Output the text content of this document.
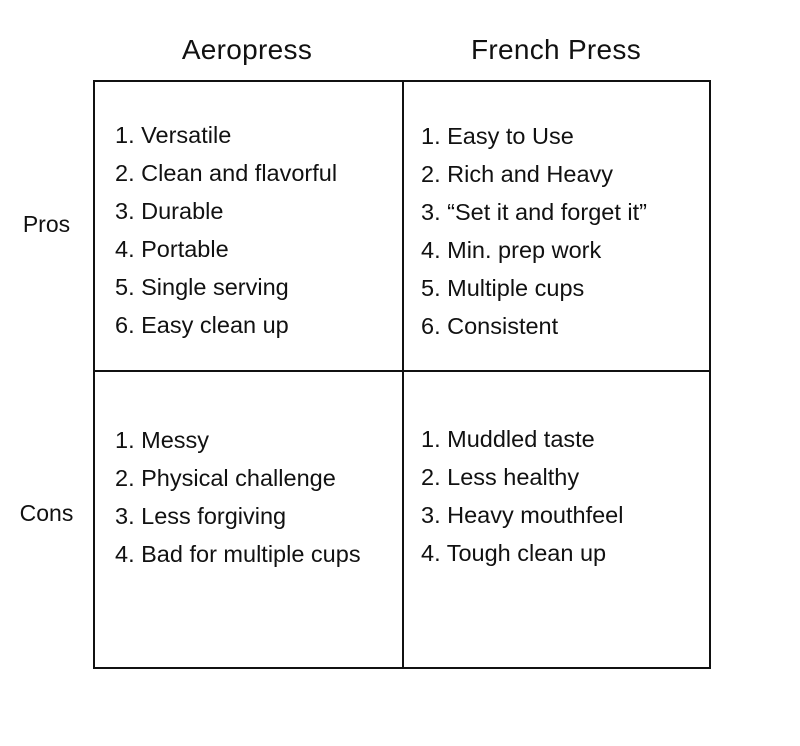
Aeropress	French Press
Pros
Cons
1. Versatile
2. Clean and flavorful
3. Durable
4. Portable
5. Single serving
6. Easy clean up
1. Easy to Use
2. Rich and Heavy
3. “Set it and forget it”
4. Min. prep work
5. Multiple cups
6. Consistent
1. Messy
2. Physical challenge
3. Less forgiving
4. Bad for multiple cups
1. Muddled taste
2. Less healthy
3. Heavy mouthfeel
4. Tough clean up
